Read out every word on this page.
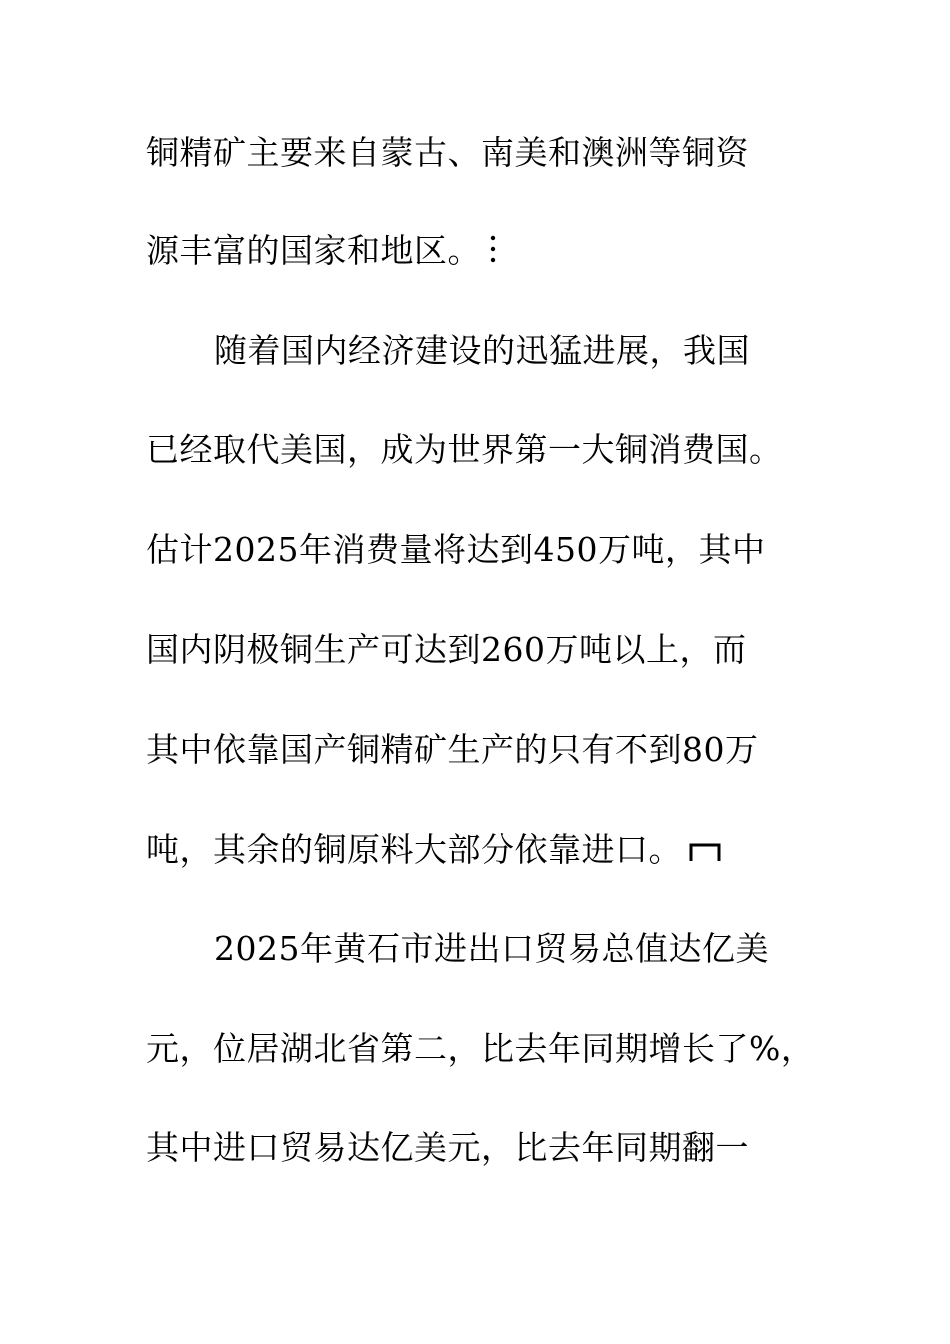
铜精矿主要来自蒙古、南美和澳洲等铜资
源丰富的国家和地区。
随着国内经济建设的迅猛进展，我国
已经取代美国，成为世界第一大铜消费国。
估计2025年消费量将达到450万吨，其中
国内阴极铜生产可达到260万吨以上，而
其中依靠国产铜精矿生产的只有不到80万
吨，其余的铜原料大部分依靠进口。
2025年黄石市进出口贸易总值达亿美
元，位居湖北省第二，比去年同期增长了%，
其中进口贸易达亿美元，比去年同期翻一
